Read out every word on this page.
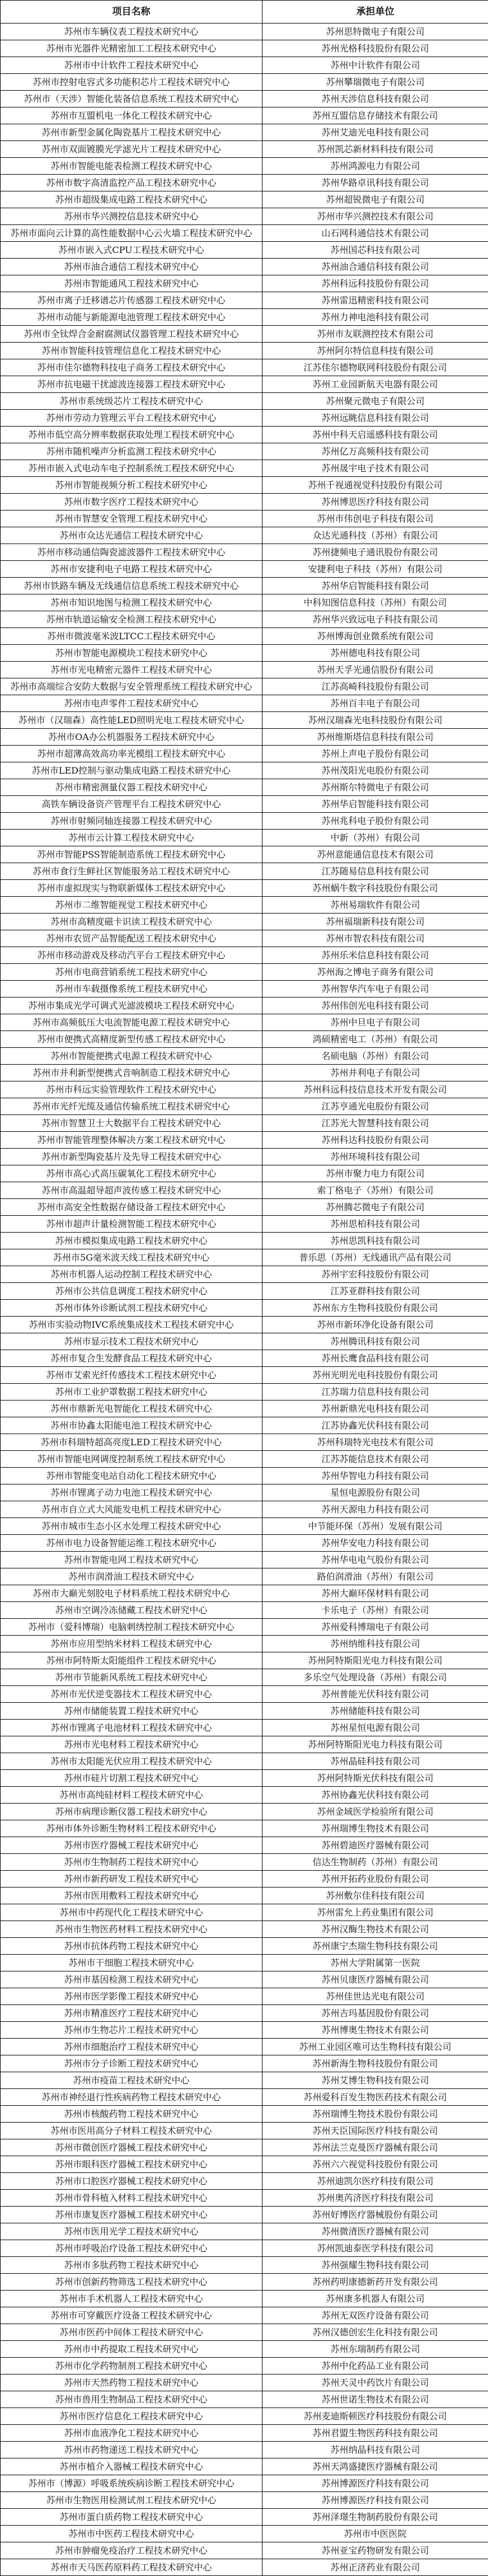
项目名称	承担单位
苏州市车辆仪表工程技术研究中心	苏州思特微电子有限公司
苏州市光器件光精密加工工程技术研究中心	苏州光格科技股份有限公司
苏州市中计软件工程技术研究中心	苏州中计软件有限公司
苏州市控射电容式多功能积芯片工程技术研究中心	苏州攀瑞微电子有限公司
苏州市（天涉）智能化装备信息系统工程技术研究中心	苏州天涉信息科技有限公司
苏州市互盟机电一体化工程技术研究中心	苏州互盟信息存储技术有限公司
苏州市新型金属化陶瓷基片工程技术研究中心	苏州艾迪光电科技有限公司
苏州市双面镀膜光学滤光片工程技术研究中心	苏州凯芯新材料科技有限公司
苏州市智能电能表检测工程技术研究中心	苏州鸿源电力有限公司
苏州市数字高清监控产品工程技术研究中心	苏州华路卓讯科技有限公司
苏州市超级集成电路工程技术研究中心	苏州超锐微电子有限公司
苏州市华兴测控信息技术研究中心	苏州市华兴测控技术有限公司
苏州市面向云计算的高性能数据中心云火墙工程技术研究中心	山石网科通信技术有限公司
苏州市嵌入式CPU工程技术研究中心	苏州国芯科技有限公司
苏州市油合通信工程技术研究中心	苏州油合通信科技有限公司
苏州市智能通风工程技术研究中心	苏州科远科技股份有限公司
苏州市离子迁移谱芯片传感器工程技术研究中心	苏州雷迅精密科技有限公司
苏州市动能与新能源电池管理工程技术研究中心	苏州力神电池科技有限公司
苏州市全钛焊合金耐腐测试仪器管理工程技术研究中心	苏州市友联测控技术有限公司
苏州市智能科技管理信息化工程技术研究中心	苏州阿尔特信息科技有限公司
苏州市佳尔德物科技电子商务工程技术研究中心	江苏佳尔德物联网科技股份有限公司
苏州市抗电磁干扰滤波连接器工程技术研究中心	苏州工业园新航天电器有限公司
苏州市系统级芯片工程技术研究中心	苏州聚元微电子有限公司
苏州市劳动力管理云平台工程技术研究中心	苏州远眺信息科技有限公司
苏州市低空高分辨率数据获取处理工程技术研究中心	苏州中科天启遥感科技有限公司
苏州市随机噪声分析监测工程技术研究中心	苏州亿万高频科技有限公司
苏州市嵌入式电动车电子控制系统工程技术研究中心	苏州晟宇电子技术有限公司
苏州市智能视频分析工程技术研究中心	苏州千视通视觉科技股份有限公司
苏州市数字医疗工程技术研究中心	苏州博思医疗科技有限公司
苏州市智慧安全管理工程技术研究中心	苏州市伟创电子科技有限公司
苏州市众达光通信工程技术研究中心	众达光通科技（苏州）有限公司
苏州市移动通信陶瓷滤波器件工程技术研究中心	苏州捷频电子通讯股份有限公司
苏州市安捷利电子电路工程技术研究中心	安捷利电子科技（苏州）有限公司
苏州市铁路车辆及无线通信信息系统工程技术研究中心	苏州华启智能科技有限公司
苏州市知识地图与检测工程技术研究中心	中科知图信息科技（苏州）有限公司
苏州市轨道运输安全检测工程技术研究中心	苏州华兴致远电子科技有限公司
苏州市微波毫米波LTCC工程技术研究中心	苏州博海创业微系统有限公司
苏州市智能电源模块工程技术研究中心	苏州德电科技有限公司
苏州市光电精密元器件工程技术研究中心	苏州天孚光通信股份有限公司
苏州市高端综合安防大数据与安全管理系统工程技术研究中心	江苏高崎科技股份有限公司
苏州市电声零件工程技术研究中心	苏州百丰电子有限公司
苏州市（汉瑞森）高性能LED照明光电工程技术研究中心	苏州汉瑞森光电科技股份有限公司
苏州市OA办公机器服务工程技术研究中心	苏州维斯塔信息科技有限公司
苏州市超薄高效高功率光模组工程技术研究中心	苏州上声电子股份有限公司
苏州市LED控制与驱动集成电路工程技术研究中心	苏州茂阳光电股份有限公司
苏州市精密测量仪器工程技术研究中心	苏州斯尔特微电子有限公司
高铁车辆设备资产管理平台工程技术研究中心	苏州华启智能科技有限公司
苏州市射频同轴连接器工程技术研究中心	苏州兆科电子股份有限公司
苏州市云计算工程技术研究中心	中新（苏州）有限公司
苏州市智能PSS智能制造系统工程技术研究中心	苏州意能通信息技术有限公司
苏州市食行生鲜社区智能服务站工程技术研究中心	江苏随易信息科技有限公司
苏州市虚拟现实与物联新媒体工程技术研究中心	苏州蜗牛数字科技股份有限公司
苏州市二维智能视觉工程技术研究中心	苏州易瑞软件有限公司
苏州市高精度磁卡识读工程技术研究中心	苏州福瑞新科技有限公司
苏州市农贸产品智能配送工程技术研究中心	苏州市智农科技有限公司
苏州市移动游戏及移动汽平台工程技术研究中心	苏州乐米信息科技有限公司
苏州市电商营销系统工程技术研究中心	苏州海之博电子商务有限公司
苏州市车载摄像系统工程技术研究中心	苏州智华汽车电子有限公司
苏州市集成光学可调式光滤波模块工程技术研究中心	苏州伟创光电科技有限公司
苏州市高频低压大电流智能电源工程技术研究中心	苏州中旦电子有限公司
苏州市便携式高精度新型传感工程技术研究中心	鸿硕精密电工（苏州）有限公司
苏州市智能便携式电源工程技术研究中心	名硕电脑（苏州）有限公司
苏州市并利新型便携式音响制造工程技术研究中心	苏州并利电子有限公司
苏州市科远实验管理软件工程技术研究中心	苏州科远科技信息技术开发有限公司
苏州市光纤光缆及通信传输系统工程技术研究中心	江苏亨通光电股份有限公司
苏州市智慧卫士大数据平台工程技术研究中心	江苏光大智慧科技有限公司
苏州市智能管理整体解决方案工程技术研究中心	苏州科达科技股份有限公司
苏州市新型陶瓷基片及先导工程技术研究中心	苏州环境科技有限公司
苏州市高心式高压碳氧化工程技术研究中心	苏州市聚力电力有限公司
苏州市高温超导超声波传感工程技术研究中心	索丁格电子（苏州）有限公司
苏州市高安全性数据存储设备工程技术研究中心	苏州腾芯微电子有限公司
苏州市超声计量检测智能工程技术研究中心	苏州思柏科技有限公司
苏州市模拟集成电路工程技术研究中心	苏州思凯科技有限公司
苏州市5G毫米波天线工程技术研究中心	普乐思（苏州）无线通讯产品有限公司
苏州市机器人运动控制工程技术研究中心	苏州宇宏科技股份有限公司
苏州市公共信息调度工程技术研究中心	江苏亚群科技有限公司
苏州市体外诊断试剂工程技术研究中心	苏州东方生物科技股份有限公司
苏州市实验动物IVC系统集成技术工程技术研究中心	苏州市新环净化设备有限公司
苏州市显示技术工程技术研究中心	苏州腾讯科技有限公司
苏州市复合生发酵食品工程技术研究中心	苏州长鹰食品科技有限公司
苏州市艾索光纤传感技术工程技术研究中心	苏州光明光电科技股份有限公司
苏州市工业护罩数据工程技术研究中心	江苏瑞力信息科技有限公司
苏州市鼎新光电智能化工程技术研究中心	苏州新鼎光电科技有限公司
苏州市协鑫太阳能电池工程技术研究中心	江苏协鑫光伏科技有限公司
苏州市科瑞特超高亮度LED工程技术研究中心	苏州科瑞特光电技术有限公司
苏州市智能电网调度控制系统工程技术研究中心	江苏苏能信息技术有限公司
苏州市智能变电站自动化工程技术研究中心	苏州华智电力科技有限公司
苏州市锂离子动力电池工程技术研究中心	星恒电源股份有限公司
苏州市自立式大风能发电机工程技术研究中心	苏州天源电力科技有限公司
苏州市城市生态小区水处理工程技术研究中心	中节能环保（苏州）发展有限公司
苏州市电力设备智能运维工程技术研究中心	苏州华安电力科技有限公司
苏州市智能电网工程技术研究中心	苏州华电电气股份有限公司
苏州市润滑油工程技术研究中心	路伯润滑油（苏州）有限公司
苏州市大巅光刻胶电子材料系统工程技术研究中心	苏州大巅环保材料有限公司
苏州市空调冷冻储藏工程技术研究中心	卡乐电子（苏州）有限公司
苏州市（爱科博瑞）电脑刺绣控制工程技术研究中心	苏州爱科博瑞电子有限公司
苏州市应用型纳米材料工程技术研究中心	苏州纳维科技有限公司
苏州市阿特斯太阳能组件工程技术研究中心	苏州阿特斯阳光电力科技有限公司
苏州市节能新风系统工程技术研究中心	多乐空气处理设备（苏州）有限公司
苏州市光伏逆变器技术工程技术研究中心	苏州普能光伏科技有限公司
苏州市储能装置工程技术研究中心	苏州储能科技有限公司
苏州市锂离子电池材料工程技术研究中心	苏州星恒电源有限公司
苏州市光电材料工程技术研究中心	苏州阿特斯阳光电力科技有限公司
苏州市太阳能光伏应用工程技术研究中心	苏州晶硅科技有限公司
苏州市硅片切割工程技术研究中心	苏州阿特斯光伏科技有限公司
苏州市高纯硅材料工程技术研究中心	苏州协鑫光伏科技有限公司
苏州市病理诊断仪器工程技术研究中心	苏州金域医学检验所有限公司
苏州市体外诊断生物材料工程技术研究中心	苏州瑞博生物技术有限公司
苏州市医疗器械工程技术研究中心	苏州碧迪医疗器械有限公司
苏州市生物制药工程技术研究中心	信达生物制药（苏州）有限公司
苏州市新药研发工程技术研究中心	苏州开拓药业股份有限公司
苏州市医用敷料工程技术研究中心	苏州敷尔佳科技有限公司
苏州市中药现代化工程技术研究中心	苏州雷允上药业集团有限公司
苏州市生物医药材料工程技术研究中心	苏州汉酶生物技术有限公司
苏州市抗体药物工程技术研究中心	苏州康宁杰瑞生物科技有限公司
苏州市干细胞工程技术研究中心	苏州大学附属第一医院
苏州市基因检测工程技术研究中心	苏州贝康医疗器械有限公司
苏州市医学影像工程技术研究中心	苏州佳世达光电有限公司
苏州市精准医疗工程技术研究中心	苏州吉玛基因股份有限公司
苏州市生物芯片工程技术研究中心	苏州博奥生物技术有限公司
苏州市细胞治疗工程技术研究中心	苏州工业园区唯可达生物科技有限公司
苏州市分子诊断工程技术研究中心	苏州新海生物科技股份有限公司
苏州市疫苗工程技术研究中心	苏州艾博生物科技有限公司
苏州市神经退行性疾病药物工程技术研究中心	苏州爱科百发生物医药技术有限公司
苏州市核酸药物工程技术研究中心	苏州瑞博生物技术股份有限公司
苏州市医用高分子材料工程技术研究中心	苏州天臣国际医疗科技有限公司
苏州市微创医疗器械工程技术研究中心	苏州法兰克曼医疗器械有限公司
苏州市眼科医疗器械工程技术研究中心	苏州六六视觉科技股份有限公司
苏州市口腔医疗器械工程技术研究中心	苏州迪凯尔医疗科技有限公司
苏州市骨科植入材料工程技术研究中心	苏州奥芮济医疗科技有限公司
苏州市康复医疗器械工程技术研究中心	苏州好博医疗器械股份有限公司
苏州市医用光学工程技术研究中心	苏州微清医疗器械有限公司
苏州市呼吸治疗设备工程技术研究中心	苏州凯迪泰医学科技有限公司
苏州市多肽药物工程技术研究中心	苏州强耀生物科技有限公司
苏州市创新药物筛选工程技术研究中心	苏州药明康德新药开发有限公司
苏州市手术机器人工程技术研究中心	苏州康多机器人有限公司
苏州市可穿戴医疗设备工程技术研究中心	苏州无双医疗设备有限公司
苏州市医药中间体工程技术研究中心	苏州汉德创宏生化科技有限公司
苏州市中药提取工程技术研究中心	苏州东瑞制药有限公司
苏州市化学药物制剂工程技术研究中心	苏州中化药品工业有限公司
苏州市天然药物工程技术研究中心	苏州天灵中药饮片有限公司
苏州市兽用生物制品工程技术研究中心	苏州世诺生物技术有限公司
苏州市医疗信息化工程技术研究中心	苏州麦迪斯顿医疗科技股份有限公司
苏州市血液净化工程技术研究中心	苏州君盟生物医药科技有限公司
苏州市药物递送工程技术研究中心	苏州纳晶科技有限公司
苏州市植介入器械工程技术研究中心	苏州天鸿盛捷医疗器械有限公司
苏州市（博源）呼吸系统疾病诊断工程技术研究中心	苏州博源医疗科技有限公司
苏州市生物医用检测试剂工程技术研究中心	苏州博源医疗科技有限公司
苏州市蛋白质药物工程技术研究中心	苏州泽璟生物制药股份有限公司
苏州市中医药工程技术研究中心	苏州市中医医院
苏州市肿瘤免疫治疗工程技术研究中心	苏州亚宝药物研发有限公司
苏州市天马医药原料药工程技术研究中心	苏州正济药业有限公司
